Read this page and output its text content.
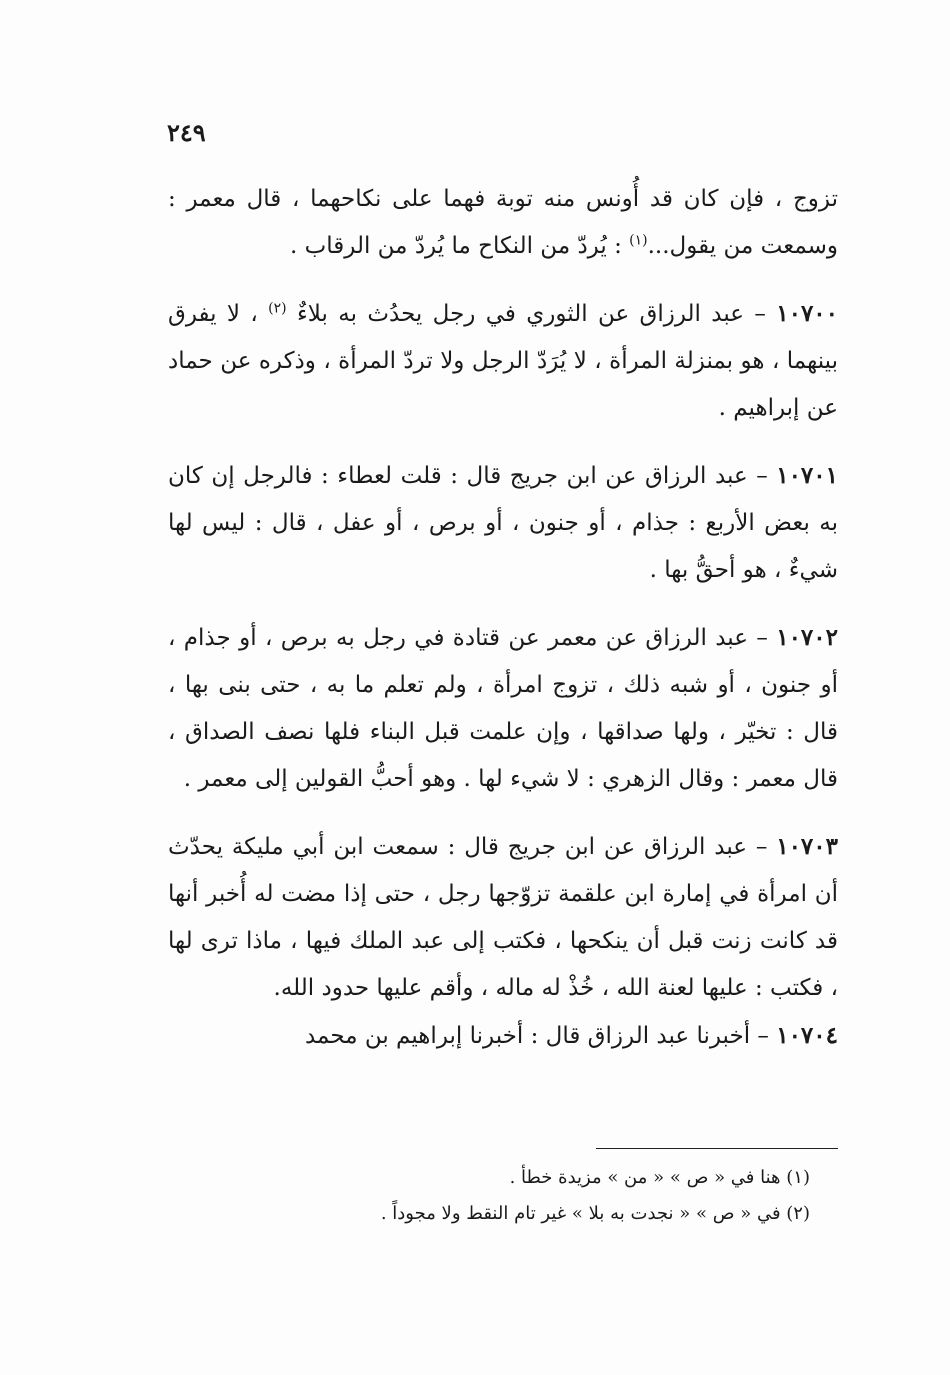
٢٤٩

تزوج ، فإن كان قد أُونس منه توبة فهما على نكاحهما ، قال معمر : وسمعت من يقول...$^{(١)}$ : يُردّ من النكاح ما يُردّ من الرقاب .

١٠٧٠٠ – عبد الرزاق عن الثوري في رجل يحدُث به بلاءٌ $^{(٢)}$ ، لا يفرق بينهما ، هو بمنزلة المرأة ، لا يُرَدّ الرجل ولا تردّ المرأة ، وذكره عن حماد عن إبراهيم .

١٠٧٠١ – عبد الرزاق عن ابن جريج قال : قلت لعطاء : فالرجل إن كان به بعض الأربع : جذام ، أو جنون ، أو برص ، أو عفل ، قال : ليس لها شيءٌ ، هو أحقُّ بها .

١٠٧٠٢ – عبد الرزاق عن معمر عن قتادة في رجل به برص ، أو جذام ، أو جنون ، أو شبه ذلك ، تزوج امرأة ، ولم تعلم ما به ، حتى بنى بها ، قال : تخيّر ، ولها صداقها ، وإن علمت قبل البناء فلها نصف الصداق ، قال معمر : وقال الزهري : لا شيء لها . وهو أحبُّ القولين إلى معمر .

١٠٧٠٣ – عبد الرزاق عن ابن جريج قال : سمعت ابن أبي مليكة يحدّث أن امرأة في إمارة ابن علقمة تزوّجها رجل ، حتى إذا مضت له أُخبر أنها قد كانت زنت قبل أن ينكحها ، فكتب إلى عبد الملك فيها ، ماذا ترى لها ، فكتب : عليها لعنة الله ، خُذْ له ماله ، وأقم عليها حدود الله.

١٠٧٠٤ – أخبرنا عبد الرزاق قال : أخبرنا إبراهيم بن محمد

(١) هنا في « ص » « من » مزيدة خطأ .

(٢) في « ص » « نجدت به بلا » غير تام النقط ولا مجوداً .
